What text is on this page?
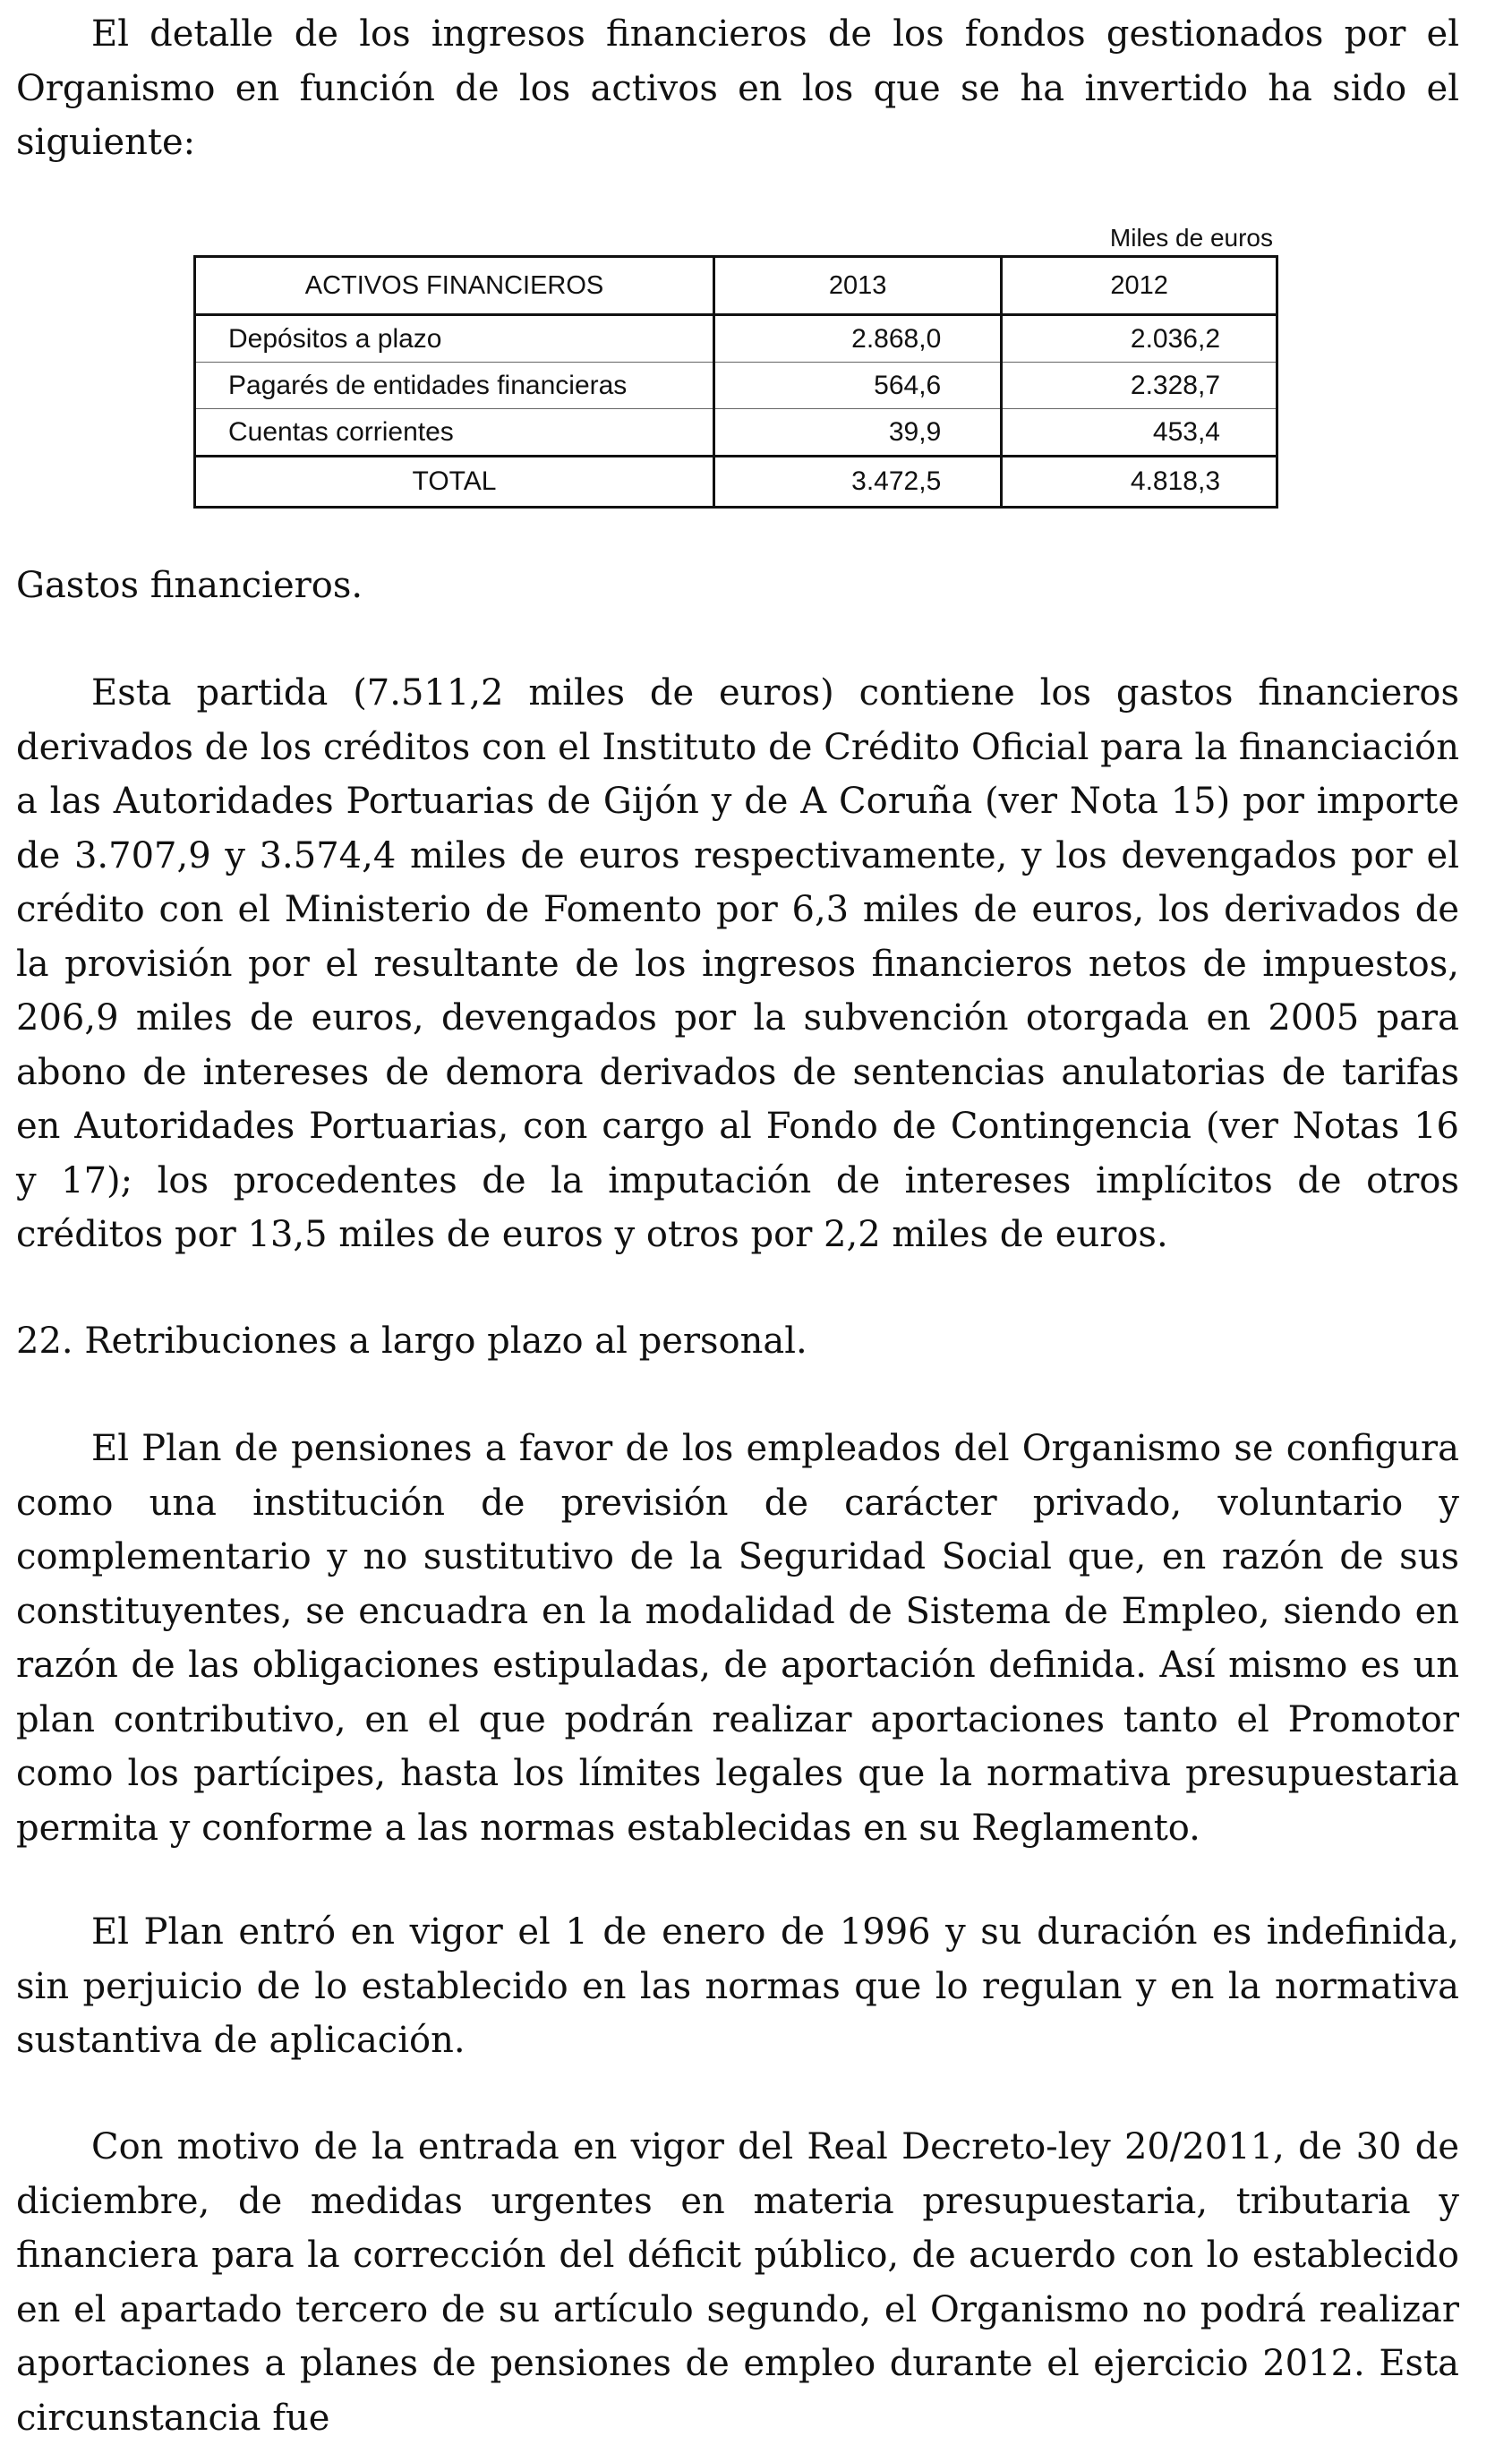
El detalle de los ingresos financieros de los fondos gestionados por el Organismo en función de los activos en los que se ha invertido ha sido el siguiente:

Miles de euros
ACTIVOS FINANCIEROS	2013	2012
Depósitos a plazo	2.868,0	2.036,2
Pagarés de entidades financieras	564,6	2.328,7
Cuentas corrientes	39,9	453,4
TOTAL	3.472,5	4.818,3

Gastos financieros.

Esta partida (7.511,2 miles de euros) contiene los gastos financieros derivados de los créditos con el Instituto de Crédito Oficial para la financiación a las Autoridades Portuarias de Gijón y de A Coruña (ver Nota 15) por importe de 3.707,9 y 3.574,4 miles de euros respectivamente, y los devengados por el crédito con el Ministerio de Fomento por 6,3 miles de euros, los derivados de la provisión por el resultante de los ingresos financieros netos de impuestos, 206,9 miles de euros, devengados por la subvención otorgada en 2005 para abono de intereses de demora derivados de sentencias anulatorias de tarifas en Autoridades Portuarias, con cargo al Fondo de Contingencia (ver Notas 16 y 17); los procedentes de la imputación de intereses implícitos de otros créditos por 13,5 miles de euros y otros por 2,2 miles de euros.

22. Retribuciones a largo plazo al personal.

El Plan de pensiones a favor de los empleados del Organismo se configura como una institución de previsión de carácter privado, voluntario y complementario y no sustitutivo de la Seguridad Social que, en razón de sus constituyentes, se encuadra en la modalidad de Sistema de Empleo, siendo en razón de las obligaciones estipuladas, de aportación definida. Así mismo es un plan contributivo, en el que podrán realizar aportaciones tanto el Promotor como los partícipes, hasta los límites legales que la normativa presupuestaria permita y conforme a las normas establecidas en su Reglamento.

El Plan entró en vigor el 1 de enero de 1996 y su duración es indefinida, sin perjuicio de lo establecido en las normas que lo regulan y en la normativa sustantiva de aplicación.

Con motivo de la entrada en vigor del Real Decreto-ley 20/2011, de 30 de diciembre, de medidas urgentes en materia presupuestaria, tributaria y financiera para la corrección del déficit público, de acuerdo con lo establecido en el apartado tercero de su artículo segundo, el Organismo no podrá realizar aportaciones a planes de pensiones de empleo durante el ejercicio 2012. Esta circunstancia fue
